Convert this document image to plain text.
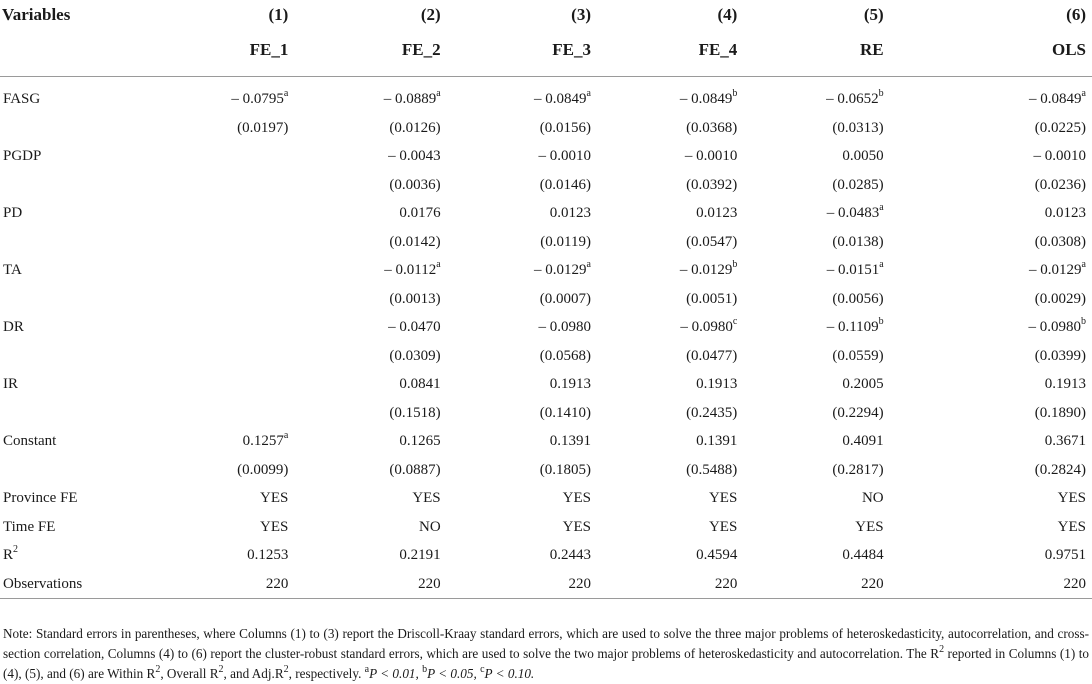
Variables	(1)	(2)	(3)	(4)	(5)	(6)
	FE_1	FE_2	FE_3	FE_4	RE	OLS
FASG	– 0.0795$^a$	– 0.0889$^a$	– 0.0849$^a$	– 0.0849$^b$	– 0.0652$^b$	– 0.0849$^a$
	(0.0197)	(0.0126)	(0.0156)	(0.0368)	(0.0313)	(0.0225)
PGDP		– 0.0043	– 0.0010	– 0.0010	0.0050	– 0.0010
		(0.0036)	(0.0146)	(0.0392)	(0.0285)	(0.0236)
PD		0.0176	0.0123	0.0123	– 0.0483$^a$	0.0123
		(0.0142)	(0.0119)	(0.0547)	(0.0138)	(0.0308)
TA		– 0.0112$^a$	– 0.0129$^a$	– 0.0129$^b$	– 0.0151$^a$	– 0.0129$^a$
		(0.0013)	(0.0007)	(0.0051)	(0.0056)	(0.0029)
DR		– 0.0470	– 0.0980	– 0.0980$^c$	– 0.1109$^b$	– 0.0980$^b$
		(0.0309)	(0.0568)	(0.0477)	(0.0559)	(0.0399)
IR		0.0841	0.1913	0.1913	0.2005	0.1913
		(0.1518)	(0.1410)	(0.2435)	(0.2294)	(0.1890)
Constant	0.1257$^a$	0.1265	0.1391	0.1391	0.4091	0.3671
	(0.0099)	(0.0887)	(0.1805)	(0.5488)	(0.2817)	(0.2824)
Province FE	YES	YES	YES	YES	NO	YES
Time FE	YES	NO	YES	YES	YES	YES
$R^2$	0.1253	0.2191	0.2443	0.4594	0.4484	0.9751
Observations	220	220	220	220	220	220
Note: Standard errors in parentheses, where Columns (1) to (3) report the Driscoll-Kraay standard errors, which are used to solve the three major problems of heteroskedasticity, autocorrelation, and cross-section correlation, Columns (4) to (6) report the cluster-robust standard errors, which are used to solve the two major problems of heteroskedasticity and autocorrelation. The $R^2$ reported in Columns (1) to (4), (5), and (6) are Within $R^2$, Overall $R^2$, and $Adj.R^2$, respectively. $^a$P < 0.01, $^b$P < 0.05, $^c$P < 0.10.
